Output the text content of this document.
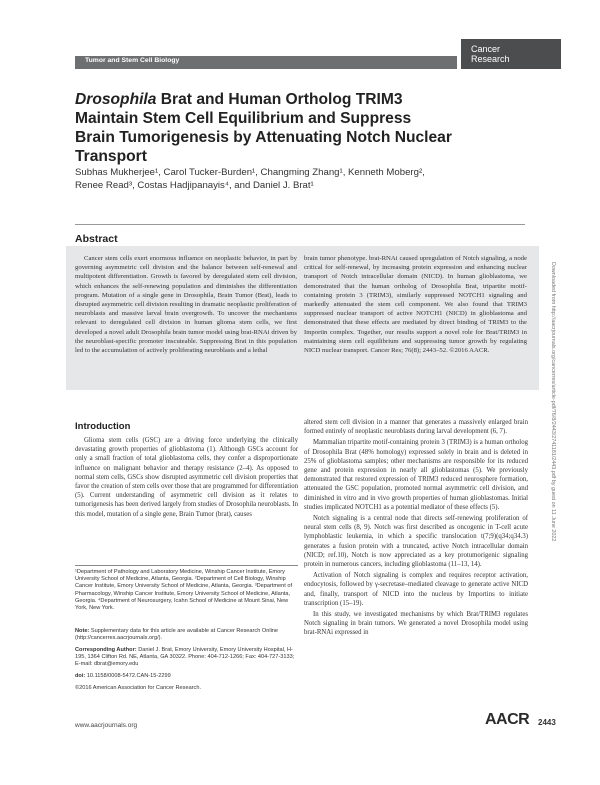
Tumor and Stem Cell Biology
Cancer
Research
Drosophila Brat and Human Ortholog TRIM3 Maintain Stem Cell Equilibrium and Suppress Brain Tumorigenesis by Attenuating Notch Nuclear Transport
Subhas Mukherjee¹, Carol Tucker-Burden¹, Changming Zhang¹, Kenneth Moberg², Renee Read³, Costas Hadjipanayis⁴, and Daniel J. Brat¹
Abstract

Cancer stem cells exert enormous influence on neoplastic behavior, in part by governing asymmetric cell division and the balance between self-renewal and multipotent differentiation. Growth is favored by deregulated stem cell division, which enhances the self-renewing population and diminishes the differentiation program. Mutation of a single gene in Drosophila, Brain Tumor (Brat), leads to disrupted asymmetric cell division resulting in dramatic neoplastic proliferation of neuroblasts and massive larval brain overgrowth. To uncover the mechanisms relevant to deregulated cell division in human glioma stem cells, we first developed a novel adult Drosophila brain tumor model using brat-RNAi driven by the neuroblast-specific promoter inscuteable. Suppressing Brat in this population led to the accumulation of actively proliferating neuroblasts and a lethal

brain tumor phenotype. brat-RNAi caused upregulation of Notch signaling, a node critical for self-renewal, by increasing protein expression and enhancing nuclear transport of Notch intracellular domain (NICD). In human glioblastoma, we demonstrated that the human ortholog of Drosophila Brat, tripartite motif-containing protein 3 (TRIM3), similarly suppressed NOTCH1 signaling and markedly attenuated the stem cell component. We also found that TRIM3 suppressed nuclear transport of active NOTCH1 (NICD) in glioblastoma and demonstrated that these effects are mediated by direct binding of TRIM3 to the Importin complex. Together, our results support a novel role for Brat/TRIM3 in maintaining stem cell equilibrium and suppressing tumor growth by regulating NICD nuclear transport. Cancer Res; 76(8); 2443–52. ©2016 AACR.

Introduction

Glioma stem cells (GSC) are a driving force underlying the clinically devastating growth properties of glioblastoma (1). Although GSCs account for only a small fraction of total glioblastoma cells, they confer a disproportionate influence on malignant behavior and therapy resistance (2–4). As opposed to normal stem cells, GSCs show disrupted asymmetric cell division properties that favor the creation of stem cells over those that are programmed for differentiation (5). Current understanding of asymmetric cell division as it relates to tumorigenesis has been derived largely from studies of Drosophila neuroblasts. In this model, mutation of a single gene, Brain Tumor (brat), causes

altered stem cell division in a manner that generates a massively enlarged brain formed entirely of neoplastic neuroblasts during larval development (6, 7).

Mammalian tripartite motif-containing protein 3 (TRIM3) is a human ortholog of Drosophila Brat (48% homology) expressed solely in brain and is deleted in 25% of glioblastoma samples; other mechanisms are responsible for its reduced gene and protein expression in nearly all glioblastomas (5). We previously demonstrated that restored expression of TRIM3 reduced neurosphere formation, attenuated the GSC population, promoted normal asymmetric cell division, and diminished in vitro and in vivo growth properties of human glioblastomas. Initial studies implicated NOTCH1 as a potential mediator of these effects (5).

Notch signaling is a central node that directs self-renewing proliferation of neural stem cells (8, 9). Notch was first described as oncogenic in T-cell acute lymphoblastic leukemia, in which a specific translocation t(7;9)(q34;q34.3) generates a fusion protein with a truncated, active Notch intracellular domain (NICD; ref.10), Notch is now appreciated as a key protumorigenic signaling protein in numerous cancers, including glioblastoma (11–13, 14).

Activation of Notch signaling is complex and requires receptor activation, endocytosis, followed by γ-secretase–mediated cleavage to generate active NICD and, finally, transport of NICD into the nucleus by Importins to initiate transcription (15–19).

In this study, we investigated mechanisms by which Brat/TRIM3 regulates Notch signaling in brain tumors. We generated a novel Drosophila model using brat-RNAi expressed in

¹Department of Pathology and Laboratory Medicine, Winship Cancer Institute, Emory University School of Medicine, Atlanta, Georgia. ²Department of Cell Biology, Winship Cancer Institute, Emory University School of Medicine, Atlanta, Georgia. ³Department of Pharmacology, Winship Cancer Institute, Emory University School of Medicine, Atlanta, Georgia. ⁴Department of Neurosurgery, Icahn School of Medicine at Mount Sinai, New York, New York.
Note: Supplementary data for this article are available at Cancer Research Online (http://cancerres.aacrjournals.org/).
Corresponding Author: Daniel J. Brat, Emory University, Emory University Hospital, H-195, 1364 Clifton Rd. NE, Atlanta, GA 30322. Phone: 404-712-1266; Fax: 404-727-3133; E-mail: dbrat@emory.edu
doi: 10.1158/0008-5472.CAN-15-2299
©2016 American Association for Cancer Research.
Downloaded from http://aacrjournals.org/cancerres/article-pdf/76/8/2443/2741181/2443.pdf by guest on 11 June 2022
www.aacrjournals.org	AACR 2443
